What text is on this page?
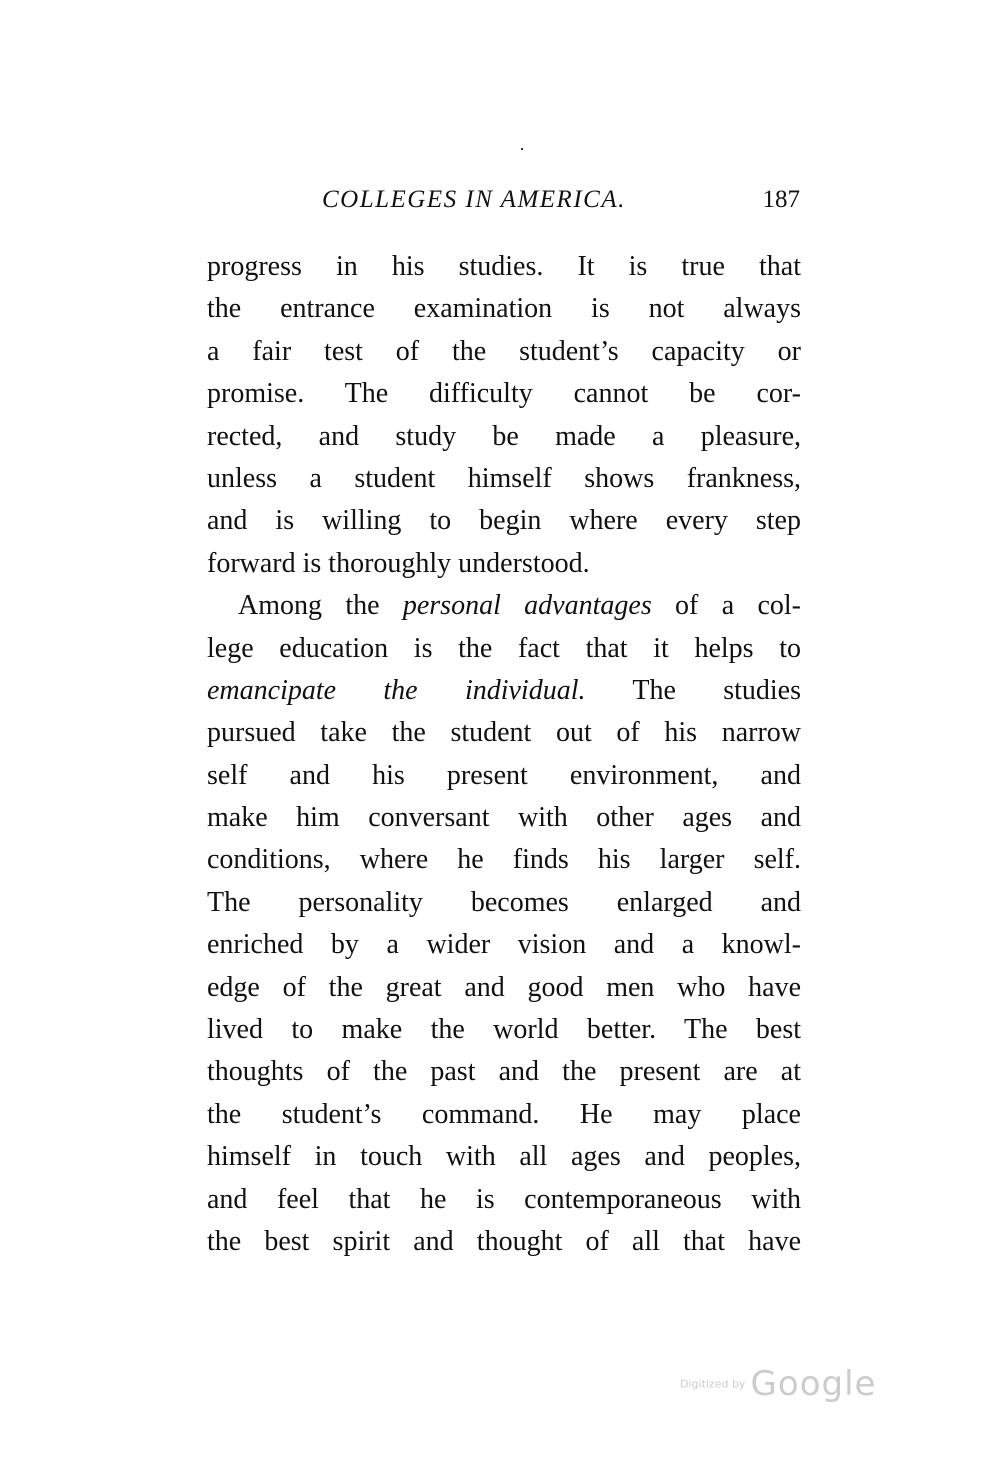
COLLEGES IN AMERICA.	187
progress in his studies. It is true that
the entrance examination is not always
a fair test of the student’s capacity or
promise. The difficulty cannot be cor-
rected, and study be made a pleasure,
unless a student himself shows frankness,
and is willing to begin where every step
forward is thoroughly understood.
Among the personal advantages of a col-
lege education is the fact that it helps to
emancipate the individual. The studies
pursued take the student out of his narrow
self and his present environment, and
make him conversant with other ages and
conditions, where he finds his larger self.
The personality becomes enlarged and
enriched by a wider vision and a knowl-
edge of the great and good men who have
lived to make the world better. The best
thoughts of the past and the present are at
the student’s command. He may place
himself in touch with all ages and peoples,
and feel that he is contemporaneous with
the best spirit and thought of all that have
Digitized by Google
